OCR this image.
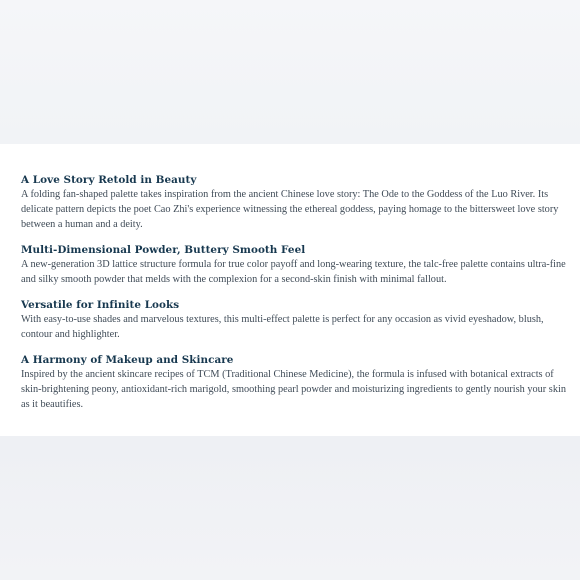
A Love Story Retold in Beauty

A folding fan-shaped palette takes inspiration from the ancient Chinese love story: The Ode to the Goddess of the Luo River. Its delicate pattern depicts the poet Cao Zhi's experience witnessing the ethereal goddess, paying homage to the bittersweet love story between a human and a deity.

Multi-Dimensional Powder, Buttery Smooth Feel

A new-generation 3D lattice structure formula for true color payoff and long-wearing texture, the talc-free palette contains ultra-fine and silky smooth powder that melds with the complexion for a second-skin finish with minimal fallout.

Versatile for Infinite Looks

With easy-to-use shades and marvelous textures, this multi-effect palette is perfect for any occasion as vivid eyeshadow, blush, contour and highlighter.

A Harmony of Makeup and Skincare

Inspired by the ancient skincare recipes of TCM (Traditional Chinese Medicine), the formula is infused with botanical extracts of skin-brightening peony, antioxidant-rich marigold, smoothing pearl powder and moisturizing ingredients to gently nourish your skin as it beautifies.
